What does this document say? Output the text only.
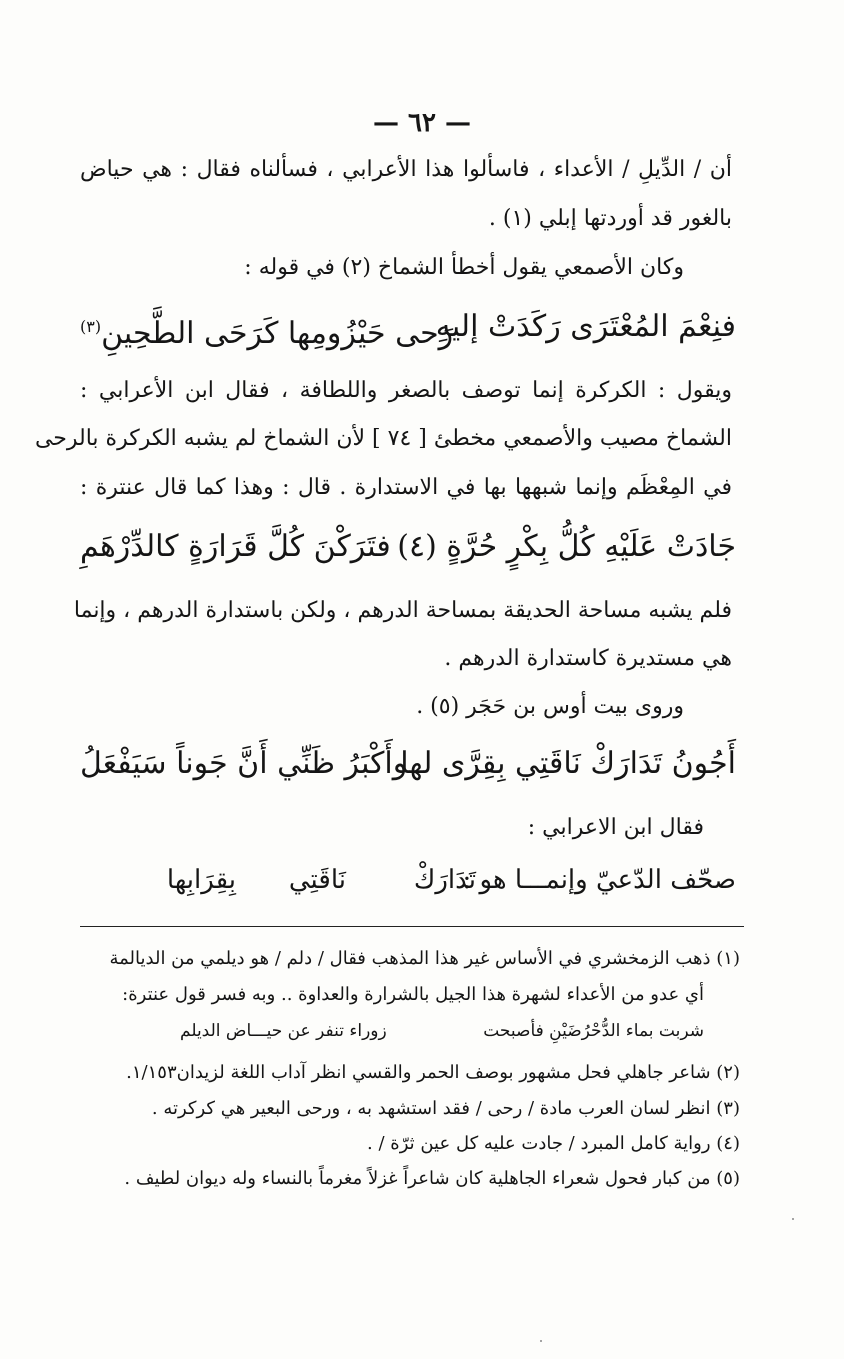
— ٦٢ —
أن / الدِّيلِ / الأعداء ، فاسألوا هذا الأعرابي ، فسألناه فقال : هي حياض
بالغور قد أوردتها إبلي (١) .
وكان الأصمعي يقول أخطأ الشماخ (٢) في قوله :
فنِعْمَ المُعْتَرَى رَكَدَتْ إليهِ
رَحى حَيْزُومِها كَرَحَى الطَّحِينِ$^{(٣)}$
ويقول : الكركرة إنما توصف بالصغر واللطافة ، فقال ابن الأعرابي :
الشماخ مصيب والأصمعي مخطئ [ ٧٤ ] لأن الشماخ لم يشبه الكركرة بالرحى
في المِعْظَم وإنما شبهها بها في الاستدارة . قال : وهذا كما قال عنترة :
جَادَتْ عَلَيْهِ كُلُّ بِكْرٍ حُرَّةٍ (٤)
فتَرَكْنَ كُلَّ قَرَارَةٍ كالدِّرْهَمِ
فلم يشبه مساحة الحديقة بمساحة الدرهم ، ولكن باستدارة الدرهم ، وإنما
هي مستديرة كاستدارة الدرهم .
وروى بيت أوس بن حَجَر (٥) .
أَجُونُ تَدَارَكْ نَاقَتِي بِقِرَّى لها
وأَكْبَرُ ظَنِّي أَنَّ جَوناً سَيَفْعَلُ
فقال ابن الاعرابي :
صحّف الدّعيّ وإنمـــا هو :
تَدَارَكْ
نَاقَتِي
بِقِرَابِها
(١) ذهب الزمخشري في الأساس غير هذا المذهب فقال / دلم / هو ديلمي من الديالمة
أي عدو من الأعداء لشهرة هذا الجيل بالشرارة والعداوة .. وبه فسر قول عنترة:
شربت بماء الدُّحْرُضَيْنِ فأصبحت
زوراء تنفر عن حيـــاض الديلم
(٢) شاعر جاهلي فحل مشهور بوصف الحمر والقسي انظر آداب اللغة لزيدان١/١٥٣.
(٣) انظر لسان العرب مادة / رحى / فقد استشهد به ، ورحى البعير هي كركرته .
(٤) رواية كامل المبرد / جادت عليه كل عين ثرّة / .
(٥) من كبار فحول شعراء الجاهلية كان شاعراً غزلاً مغرماً بالنساء وله ديوان لطيف .
